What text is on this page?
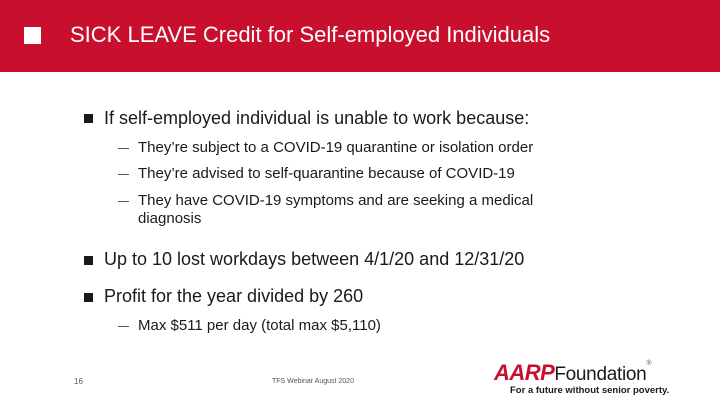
SICK LEAVE Credit for Self-employed Individuals
If self-employed individual is unable to work because:
They’re subject to a COVID-19 quarantine or isolation order
They’re advised to self-quarantine because of COVID-19
They have COVID-19 symptoms and are seeking a medical diagnosis
Up to 10 lost workdays between 4/1/20 and 12/31/20
Profit for the year divided by 260
Max $511 per day (total max $5,110)
16	TFS Webinar August 2020	AARPFoundation®
For a future without senior poverty.
